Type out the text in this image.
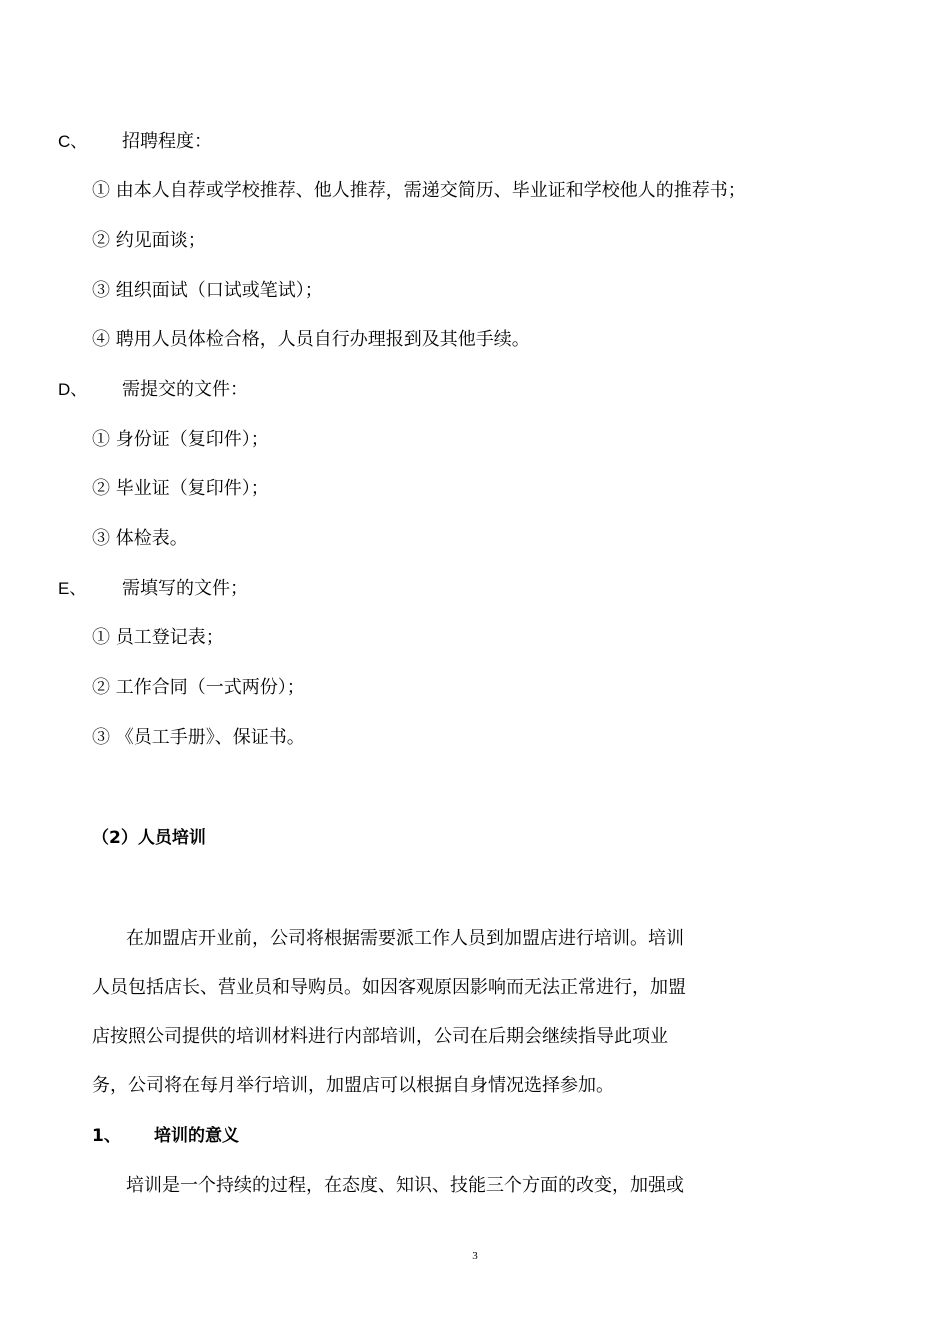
C、 招聘程度：
① 由本人自荐或学校推荐、他人推荐，需递交简历、毕业证和学校他人的推荐书；
② 约见面谈；
③ 组织面试（口试或笔试）；
④ 聘用人员体检合格，人员自行办理报到及其他手续。
D、 需提交的文件：
① 身份证（复印件）；
② 毕业证（复印件）；
③ 体检表。
E、 需填写的文件；
① 员工登记表；
② 工作合同（一式两份）；
③ 《员工手册》、保证书。
（2）人员培训
在加盟店开业前，公司将根据需要派工作人员到加盟店进行培训。培训
人员包括店长、营业员和导购员。如因客观原因影响而无法正常进行，加盟
店按照公司提供的培训材料进行内部培训，公司在后期会继续指导此项业
务，公司将在每月举行培训，加盟店可以根据自身情况选择参加。
1、 培训的意义
培训是一个持续的过程，在态度、知识、技能三个方面的改变，加强或
3
